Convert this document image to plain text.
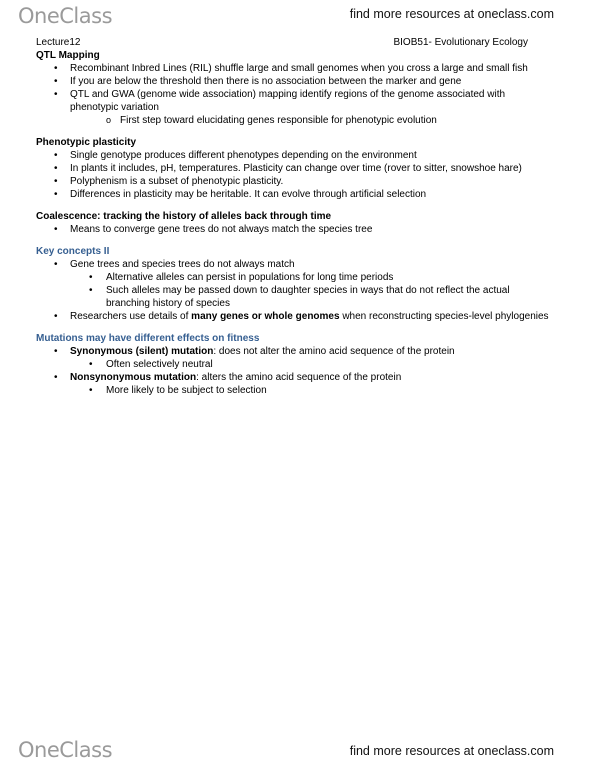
OneClass	find more resources at oneclass.com
Lecture12	BIOB51- Evolutionary Ecology

QTL Mapping

• Recombinant Inbred Lines (RIL) shuffle large and small genomes when you cross a large and small fish
• If you are below the threshold then there is no association between the marker and gene
• QTL and GWA (genome wide association) mapping identify regions of the genome associated with phenotypic variation
o First step toward elucidating genes responsible for phenotypic evolution

Phenotypic plasticity

• Single genotype produces different phenotypes depending on the environment
• In plants it includes, pH, temperatures. Plasticity can change over time (rover to sitter, snowshoe hare)
• Polyphenism is a subset of phenotypic plasticity.
• Differences in plasticity may be heritable. It can evolve through artificial selection

Coalescence: tracking the history of alleles back through time

• Means to converge gene trees do not always match the species tree

Key concepts II

• Gene trees and species trees do not always match
• Alternative alleles can persist in populations for long time periods
• Such alleles may be passed down to daughter species in ways that do not reflect the actual branching history of species
• Researchers use details of many genes or whole genomes when reconstructing species-level phylogenies

Mutations may have different effects on fitness

• Synonymous (silent) mutation: does not alter the amino acid sequence of the protein
• Often selectively neutral
• Nonsynonymous mutation: alters the amino acid sequence of the protein
• More likely to be subject to selection
OneClass	find more resources at oneclass.com
